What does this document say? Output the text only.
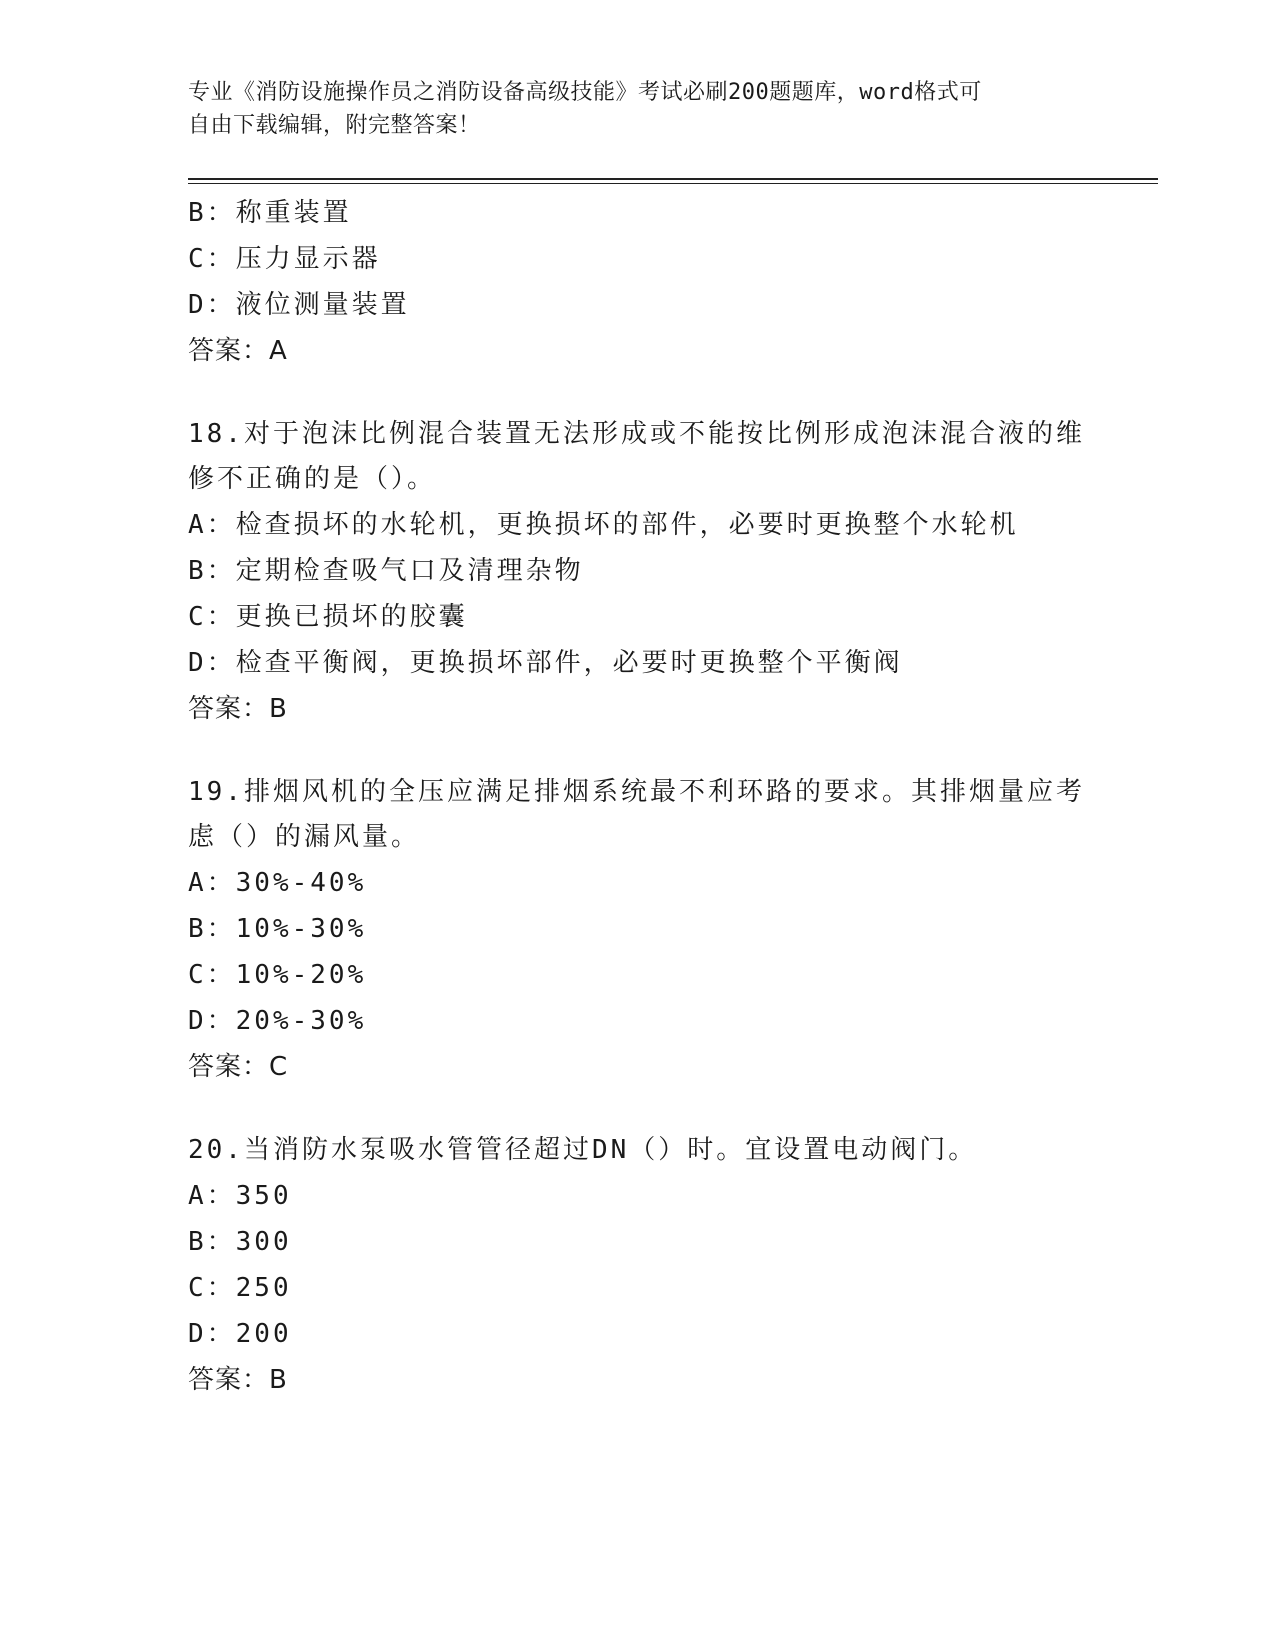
专业《消防设施操作员之消防设备高级技能》考试必刷200题题库，word格式可
自由下载编辑，附完整答案！
B：称重装置
C：压力显示器
D：液位测量装置
答案：A
18.对于泡沫比例混合装置无法形成或不能按比例形成泡沫混合液的维修不正确的是（）。
A：检查损坏的水轮机，更换损坏的部件，必要时更换整个水轮机
B：定期检查吸气口及清理杂物
C：更换已损坏的胶囊
D：检查平衡阀，更换损坏部件，必要时更换整个平衡阀
答案：B
19.排烟风机的全压应满足排烟系统最不利环路的要求。其排烟量应考虑（）的漏风量。
A：30%-40%
B：10%-30%
C：10%-20%
D：20%-30%
答案：C
20.当消防水泵吸水管管径超过DN（）时。宜设置电动阀门。
A：350
B：300
C：250
D：200
答案：B
